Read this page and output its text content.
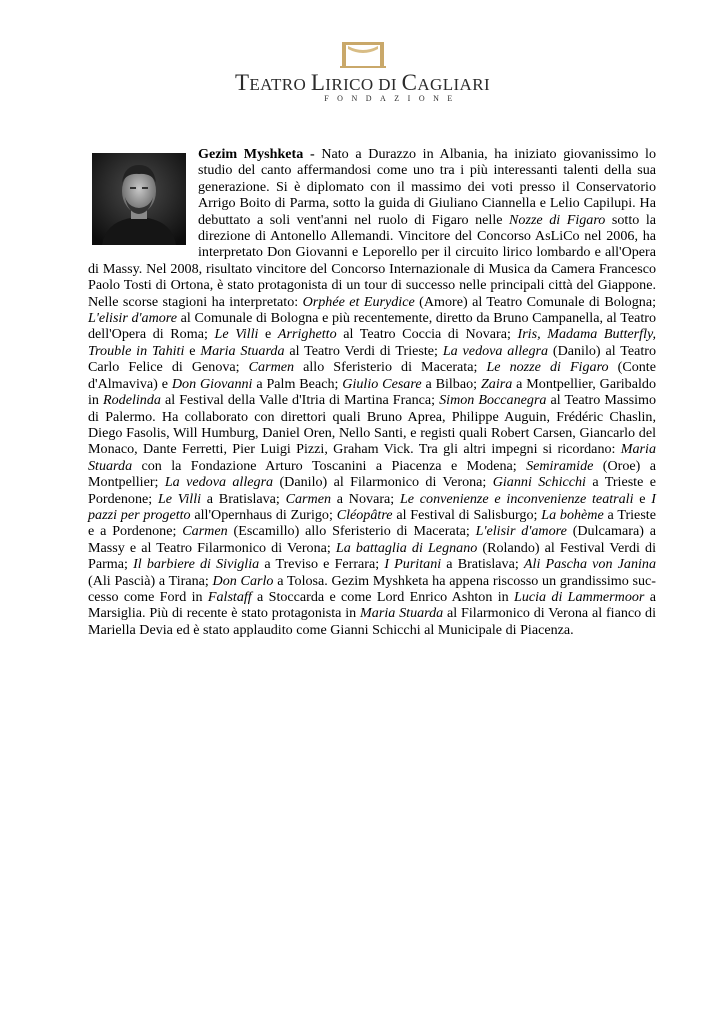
TEATRO LIRICO DI CAGLIARI
FONDAZIONE

Gezim Myshketa - Nato a Durazzo in Albania, ha iniziato giovanissimo lo studio del canto affermandosi come uno tra i più interessanti talenti della sua generazione. Si è diplomato con il massimo dei voti presso il Conservatorio Arrigo Boito di Parma, sotto la guida di Giuliano Ciannella e Lelio Capilupi. Ha debuttato a soli vent'anni nel ruolo di Figaro nelle Nozze di Figaro sotto la direzione di Antonello Allemandi. Vincitore del Concorso AsLiCo nel 2006, ha interpretato Don Giovanni e Leporello per il circuito lirico lombardo e all'Opera di Massy. Nel 2008, risultato vincitore del Concorso Internazionale di Musica da Camera Francesco Paolo Tosti di Ortona, è stato protagonista di un tour di successo nelle principali città del Giappone. Nelle scorse stagioni ha interpretato: Orphée et Eurydice (Amore) al Teatro Comunale di Bologna; L'elisir d'amore al Comunale di Bologna e più recentemente, diretto da Bruno Campanella, al Teatro dell'Opera di Roma; Le Villi e Arrighetto al Teatro Coccia di Novara; Iris, Madama Butterfly, Trouble in Tahiti e Maria Stuarda al Teatro Verdi di Trieste; La vedova allegra (Danilo) al Teatro Carlo Felice di Genova; Carmen allo Sferisterio di Macerata; Le nozze di Figaro (Conte d'Almaviva) e Don Giovanni a Palm Beach; Giulio Cesare a Bilbao; Zaira a Montpellier, Garibaldo in Rodelinda al Festival della Valle d'Itria di Martina Franca; Simon Boccanegra al Teatro Massimo di Palermo. Ha collaborato con direttori quali Bruno Aprea, Philippe Auguin, Frédéric Chaslin, Diego Fasolis, Will Humburg, Daniel Oren, Nello Santi, e registi quali Robert Carsen, Giancarlo del Monaco, Dante Ferretti, Pier Luigi Pizzi, Graham Vick. Tra gli altri impegni si ricordano: Maria Stuarda con la Fondazione Arturo Toscanini a Piacenza e Modena; Semiramide (Oroe) a Montpellier; La vedova allegra (Danilo) al Filarmonico di Verona; Gianni Schicchi a Trieste e Pordenone; Le Villi a Bratislava; Carmen a Novara; Le convenienze e inconvenienze teatrali e I pazzi per progetto all'Opernhaus di Zurigo; Cléopâtre al Festival di Salisburgo; La bohème a Trieste e a Pordenone; Carmen (Escamillo) allo Sferisterio di Macerata; L'elisir d'amore (Dulcamara) a Massy e al Teatro Filarmonico di Verona; La battaglia di Legnano (Rolando) al Festival Verdi di Parma; Il barbiere di Siviglia a Treviso e Ferrara; I Puritani a Bratislava; Ali Pascha von Janina (Ali Pascià) a Tirana; Don Carlo a Tolosa. Gezim Myshketa ha appena riscosso un grandissimo suc-cesso come Ford in Falstaff a Stoccarda e come Lord Enrico Ashton in Lucia di Lammermoor a Marsiglia. Più di recente è stato protagonista in Maria Stuarda al Filarmonico di Verona al fianco di Mariella Devia ed è stato applaudito come Gianni Schicchi al Municipale di Piacenza.
